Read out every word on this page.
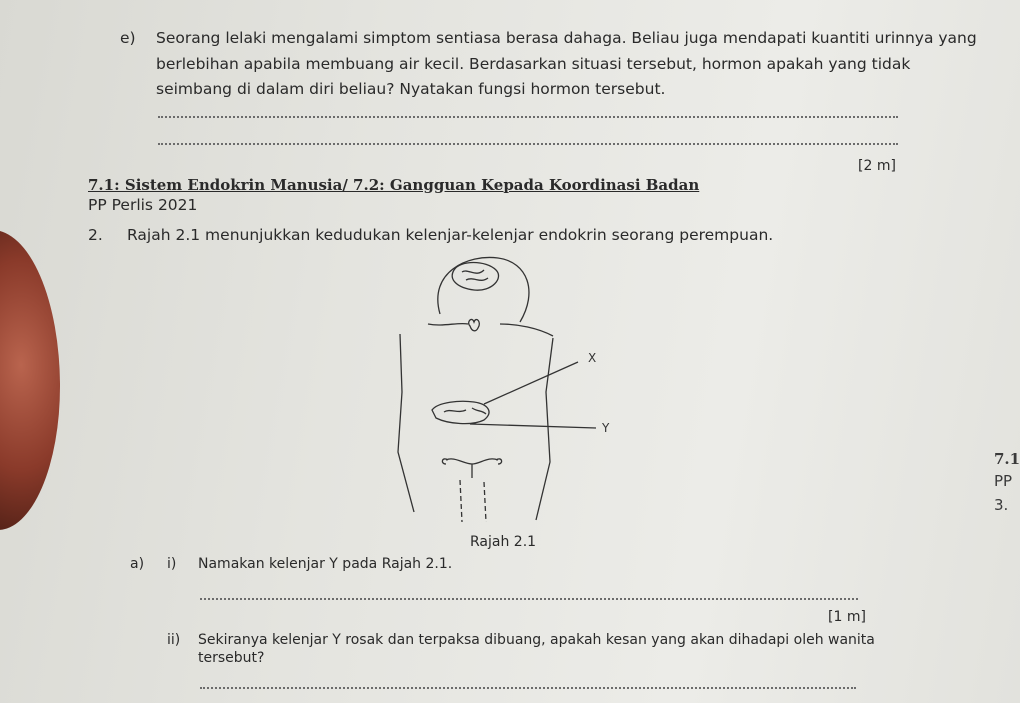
e) Seorang lelaki mengalami simptom sentiasa berasa dahaga. Beliau juga mendapati kuantiti urinnya yang

berlebihan apabila membuang air kecil. Berdasarkan situasi tersebut, hormon apakah yang tidak

seimbang di dalam diri beliau? Nyatakan fungsi hormon tersebut.

[2 m]

7.1: Sistem Endokrin Manusia/ 7.2: Gangguan Kepada Koordinasi Badan

PP Perlis 2021

2. Rajah 2.1 menunjukkan kedudukan kelenjar-kelenjar endokrin seorang perempuan.

X
Y

Rajah 2.1

a) i) Namakan kelenjar Y pada Rajah 2.1.

[1 m]

ii) Sekiranya kelenjar Y rosak dan terpaksa dibuang, apakah kesan yang akan dihadapi oleh wanita

tersebut?

7.1

PP

3.
